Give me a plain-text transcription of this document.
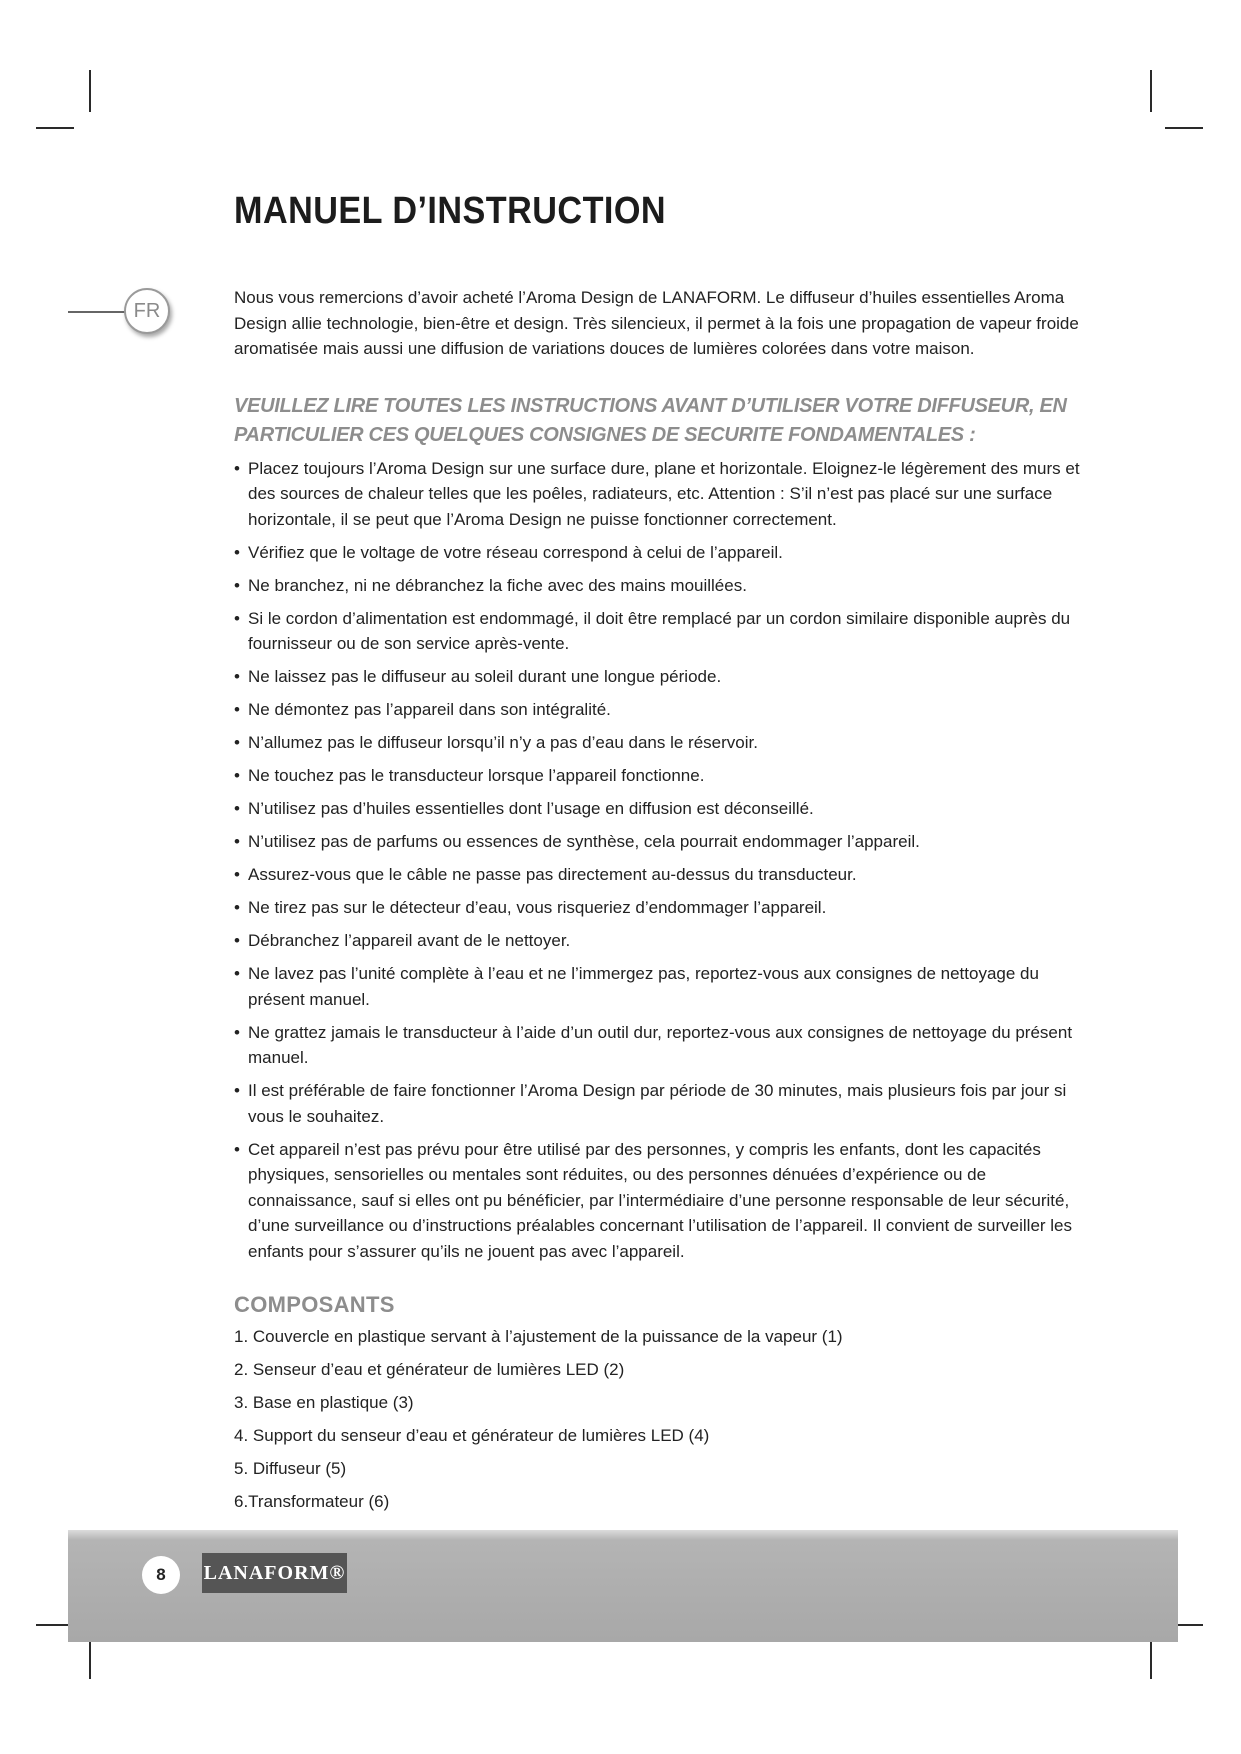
FR
MANUEL D’INSTRUCTION

Nous vous remercions d’avoir acheté l’Aroma Design de LANAFORM. Le diffuseur d’huiles essentielles Aroma Design allie technologie, bien-être et design. Très silencieux, il permet à la fois une propagation de vapeur froide aromatisée mais aussi une diffusion de variations douces de lumières colorées dans votre maison.

VEUILLEZ LIRE TOUTES LES INSTRUCTIONS AVANT D’UTILISER VOTRE DIFFUSEUR, EN PARTICULIER CES QUELQUES CONSIGNES DE SECURITE FONDAMENTALES :
• Placez toujours l’Aroma Design sur une surface dure, plane et horizontale. Eloignez-le légèrement des murs et des sources de chaleur telles que les poêles, radiateurs, etc. Attention : S’il n’est pas placé sur une surface horizontale, il se peut que l’Aroma Design ne puisse fonctionner correctement.
• Vérifiez que le voltage de votre réseau correspond à celui de l’appareil.
• Ne branchez, ni ne débranchez la fiche avec des mains mouillées.
• Si le cordon d’alimentation est endommagé, il doit être remplacé par un cordon similaire disponible auprès du fournisseur ou de son service après-vente.
• Ne laissez pas le diffuseur au soleil durant une longue période.
• Ne démontez pas l’appareil dans son intégralité.
• N’allumez pas le diffuseur lorsqu’il n’y a pas d’eau dans le réservoir.
• Ne touchez pas le transducteur lorsque l’appareil fonctionne.
• N’utilisez pas d’huiles essentielles dont l’usage en diffusion est déconseillé.
• N’utilisez pas de parfums ou essences de synthèse, cela pourrait endommager l’appareil.
• Assurez-vous que le câble ne passe pas directement au-dessus du transducteur.
• Ne tirez pas sur le détecteur d’eau, vous risqueriez d’endommager l’appareil.
• Débranchez l’appareil avant de le nettoyer.
• Ne lavez pas l’unité complète à l’eau et ne l’immergez pas, reportez-vous aux consignes de nettoyage du présent manuel.
• Ne grattez jamais le transducteur à l’aide d’un outil dur, reportez-vous aux consignes de nettoyage du présent manuel.
• Il est préférable de faire fonctionner l’Aroma Design par période de 30 minutes, mais plusieurs fois par jour si vous le souhaitez.
• Cet appareil n’est pas prévu pour être utilisé par des personnes, y compris les enfants, dont les capacités physiques, sensorielles ou mentales sont réduites, ou des personnes dénuées d’expérience ou de connaissance, sauf si elles ont pu bénéficier, par l’intermédiaire d’une personne responsable de leur sécurité, d’une surveillance ou d’instructions préalables concernant l’utilisation de l’appareil. Il convient de surveiller les enfants pour s’assurer qu’ils ne jouent pas avec l’appareil.
COMPOSANTS
1. Couvercle en plastique servant à l’ajustement de la puissance de la vapeur (1)
2. Senseur d’eau et générateur de lumières LED (2)
3. Base en plastique (3)
4. Support du senseur d’eau et générateur de lumières LED (4)
5. Diffuseur (5)
6.Transformateur (6)
8	LANAFORM®
